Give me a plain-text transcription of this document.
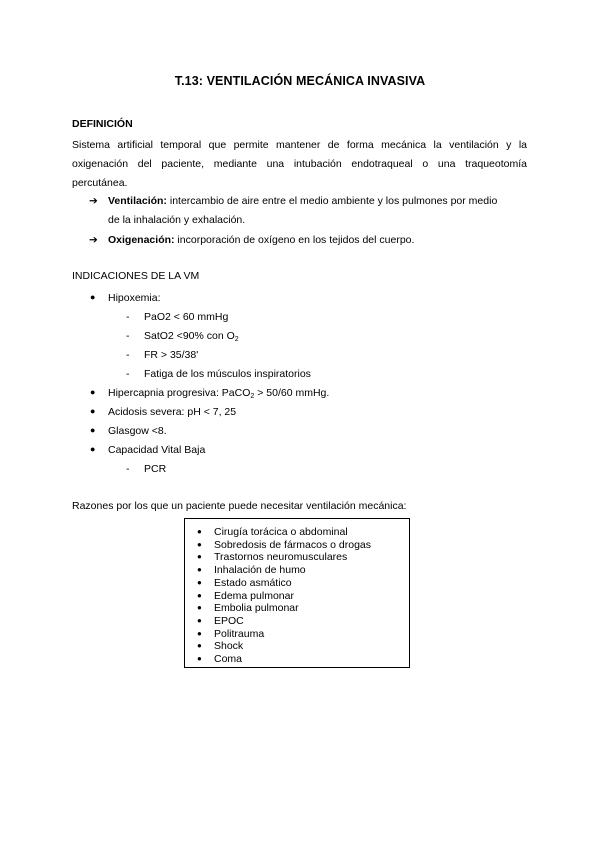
T.13: VENTILACIÓN MECÁNICA INVASIVA
DEFINICIÓN
Sistema artificial temporal que permite mantener de forma mecánica la ventilación y la
oxigenación del paciente, mediante una intubación endotraqueal o una traqueotomía
percutánea.
➔ Ventilación: intercambio de aire entre el medio ambiente y los pulmones por medio
de la inhalación y exhalación.
➔ Oxigenación: incorporación de oxígeno en los tejidos del cuerpo.
INDICACIONES DE LA VM
● Hipoxemia:
- PaO2 < 60 mmHg
- SatO2 <90% con $O_2$
- FR > 35/38'
- Fatiga de los músculos inspiratorios
● Hipercapnia progresiva: PaCO$_2$ > 50/60 mmHg.
● Acidosis severa: pH < 7, 25
● Glasgow <8.
● Capacidad Vital Baja
- PCR
Razones por los que un paciente puede necesitar ventilación mecánica:
● Cirugía torácica o abdominal
● Sobredosis de fármacos o drogas
● Trastornos neuromusculares
● Inhalación de humo
● Estado asmático
● Edema pulmonar
● Embolia pulmonar
● EPOC
● Politrauma
● Shock
● Coma
